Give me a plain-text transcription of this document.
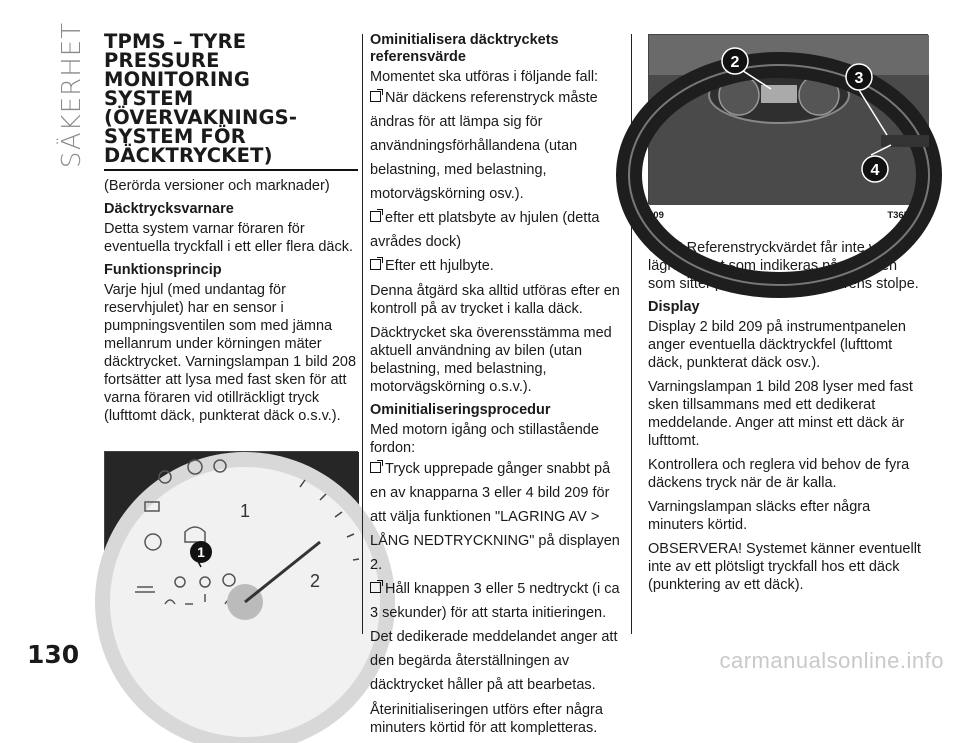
SÄKERHET TPMS – TYRE
PRESSURE
MONITORING
SYSTEM
(ÖVERVAKNINGS-
SYSTEM FÖR
DÄCKTRYCKET)

(Berörda versioner och marknader)

Däcktrycksvarnare

Detta system varnar föraren för eventuella tryckfall i ett eller flera däck.

Funktionsprincip

Varje hjul (med undantag för reservhjulet) har en sensor i pumpningsventilen som med jämna mellanrum under körningen mäter däcktrycket. Varningslampan 1 bild 208 fortsätter att lysa med fast sken för att varna föraren vid otillräckligt tryck (lufttomt däck, punkterat däck o.s.v.).

1
2
1
Ominitialisera däcktryckets referensvärde

Momentet ska utföras i följande fall:

När däckens referenstryck måste ändras för att lämpa sig för användningsförhållandena (utan belastning, med belastning, motorvägskörning osv.).
efter ett platsbyte av hjulen (detta avrådes dock)
Efter ett hjulbyte.

Denna åtgärd ska alltid utföras efter en kontroll på av trycket i kalla däck.

Däcktrycket ska överensstämma med aktuell användning av bilen (utan belastning, med belastning, motorvägskörning o.s.v.).

Ominitialiseringsprocedur

Med motorn igång och stillastående fordon:

Tryck upprepade gånger snabbt på en av knapparna 3 eller 4 bild 209 för att välja funktionen "LAGRING AV > LÅNG NEDTRYCKNING" på displayen 2.
Håll knappen 3 eller 5 nedtryckt (i ca 3 sekunder) för att starta initieringen. Det dedikerade meddelandet anger att den begärda återställningen av däcktrycket håller på att bearbetas.

Återinitialiseringen utförs efter några minuters körtid för att kompletteras.

2
3
4
209	T36518-2

OBS! Referenstryckvärdet får inte vara lägre än det som indikeras på etiketten som sitter på sidan av förardörrens stolpe.

Display

Display 2 bild 209 på instrumentpanelen anger eventuella däcktryckfel (lufttomt däck, punkterat däck osv.).

Varningslampan 1 bild 208 lyser med fast sken tillsammans med ett dedikerat meddelande. Anger att minst ett däck är lufttomt.

Kontrollera och reglera vid behov de fyra däckens tryck när de är kalla.

Varningslampan släcks efter några minuters körtid.

OBSERVERA! Systemet känner eventuellt inte av ett plötsligt tryckfall hos ett däck (punktering av ett däck).

130	carmanualsonline.info
